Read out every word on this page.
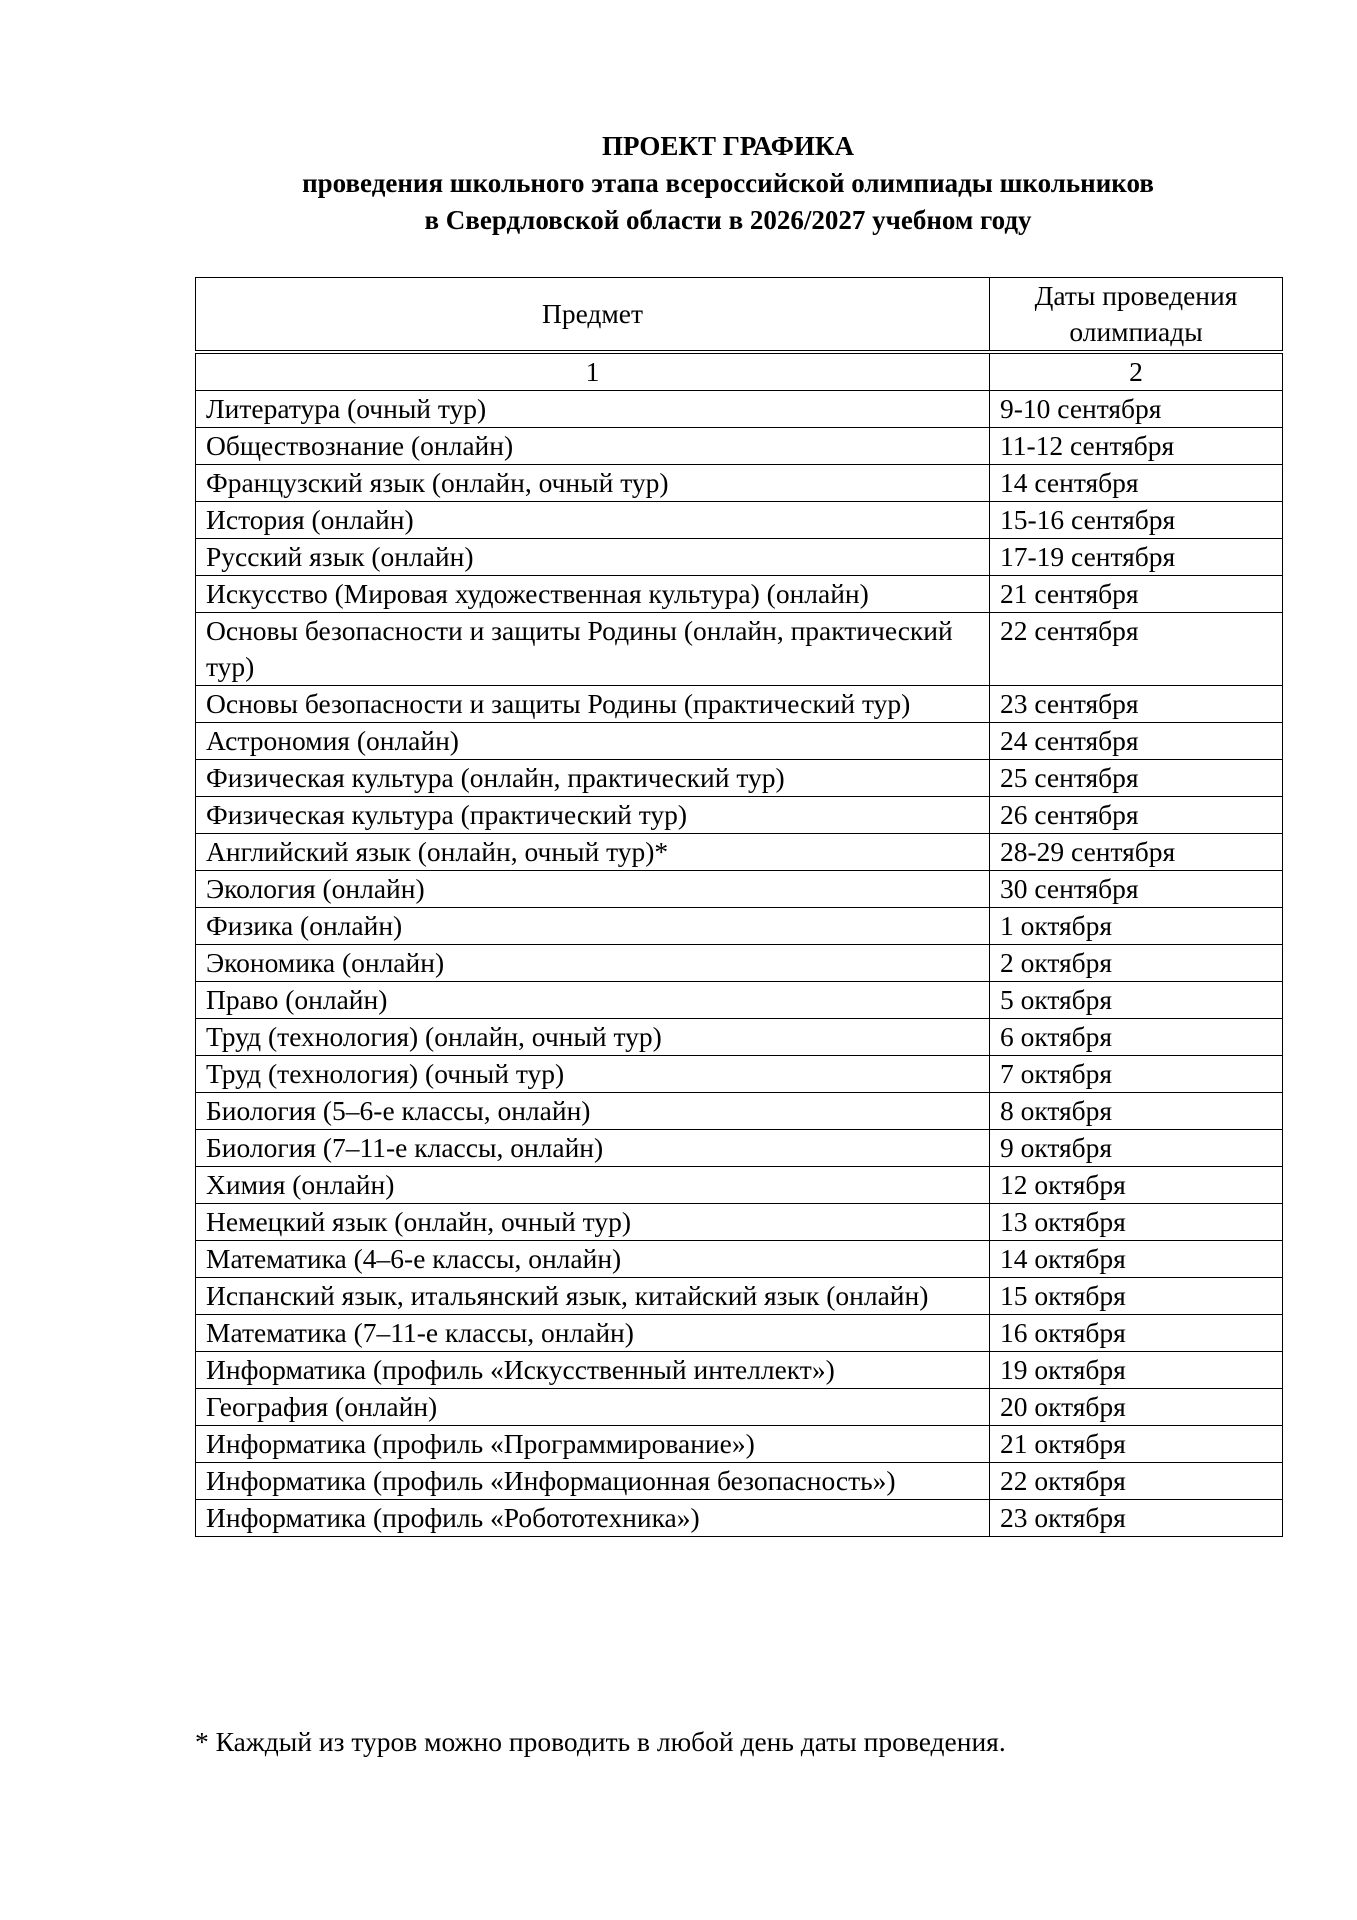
ПРОЕКТ ГРАФИКА
проведения школьного этапа всероссийской олимпиады школьников
в Свердловской области в 2026/2027 учебном году
Предмет	Даты проведения олимпиады
1	2
Литература (очный тур)	9-10 сентября
Обществознание (онлайн)	11-12 сентября
Французский язык (онлайн, очный тур)	14 сентября
История (онлайн)	15-16 сентября
Русский язык (онлайн)	17-19 сентября
Искусство (Мировая художественная культура) (онлайн)	21 сентября
Основы безопасности и защиты Родины (онлайн, практический тур)	22 сентября
Основы безопасности и защиты Родины (практический тур)	23 сентября
Астрономия (онлайн)	24 сентября
Физическая культура (онлайн, практический тур)	25 сентября
Физическая культура (практический тур)	26 сентября
Английский язык (онлайн, очный тур)*	28-29 сентября
Экология (онлайн)	30 сентября
Физика (онлайн)	1 октября
Экономика (онлайн)	2 октября
Право (онлайн)	5 октября
Труд (технология) (онлайн, очный тур)	6 октября
Труд (технология) (очный тур)	7 октября
Биология (5–6-е классы, онлайн)	8 октября
Биология (7–11-е классы, онлайн)	9 октября
Химия (онлайн)	12 октября
Немецкий язык (онлайн, очный тур)	13 октября
Математика (4–6-е классы, онлайн)	14 октября
Испанский язык, итальянский язык, китайский язык (онлайн)	15 октября
Математика (7–11-е классы, онлайн)	16 октября
Информатика (профиль «Искусственный интеллект»)	19 октября
География (онлайн)	20 октября
Информатика (профиль «Программирование»)	21 октября
Информатика (профиль «Информационная безопасность»)	22 октября
Информатика (профиль «Робототехника»)	23 октября
* Каждый из туров можно проводить в любой день даты проведения.
